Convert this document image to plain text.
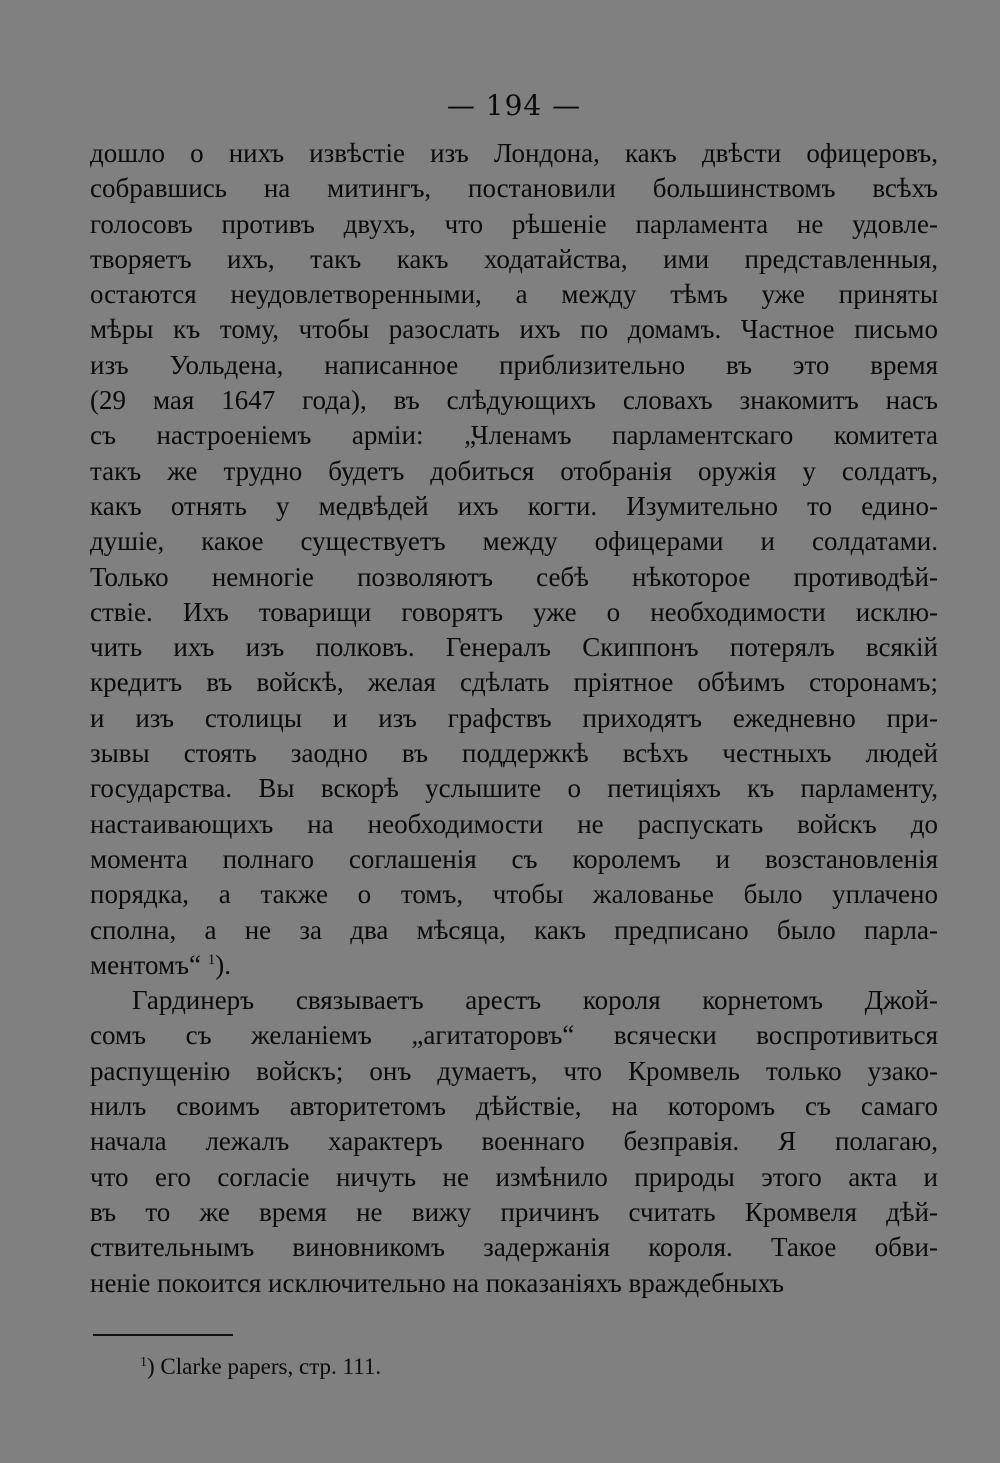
— 194 —
дошло о нихъ извѣстіе изъ Лондона, какъ двѣсти офицеровъ,
собравшись на митингъ, постановили большинствомъ всѣхъ
голосовъ противъ двухъ, что рѣшеніе парламента не удовле-
творяетъ ихъ, такъ какъ ходатайства, ими представленныя,
остаются неудовлетворенными, а между тѣмъ уже приняты
мѣры къ тому, чтобы разослать ихъ по домамъ. Частное письмо
изъ Уольдена, написанное приблизительно въ это время
(29 мая 1647 года), въ слѣдующихъ словахъ знакомитъ насъ
съ настроеніемъ арміи: „Членамъ парламентскаго комитета
такъ же трудно будетъ добиться отобранія оружія у солдатъ,
какъ отнять у медвѣдей ихъ когти. Изумительно то едино-
душіе, какое существуетъ между офицерами и солдатами.
Только немногіе позволяютъ себѣ нѣкоторое противодѣй-
ствіе. Ихъ товарищи говорятъ уже о необходимости исклю-
чить ихъ изъ полковъ. Генералъ Скиппонъ потерялъ всякій
кредитъ въ войскѣ, желая сдѣлать пріятное обѣимъ сторонамъ;
и изъ столицы и изъ графствъ приходятъ ежедневно при-
зывы стоять заодно въ поддержкѣ всѣхъ честныхъ людей
государства. Вы вскорѣ услышите о петиціяхъ къ парламенту,
настаивающихъ на необходимости не распускать войскъ до
момента полнаго соглашенія съ королемъ и возстановленія
порядка, а также о томъ, чтобы жалованье было уплачено
сполна, а не за два мѣсяца, какъ предписано было парла-
ментомъ“ $^1$).
Гардинеръ связываетъ арестъ короля корнетомъ Джой-
сомъ съ желаніемъ „агитаторовъ“ всячески воспротивиться
распущенію войскъ; онъ думаетъ, что Кромвель только узако-
нилъ своимъ авторитетомъ дѣйствіе, на которомъ съ самаго
начала лежалъ характеръ военнаго безправія. Я полагаю,
что его согласіе ничуть не измѣнило природы этого акта и
въ то же время не вижу причинъ считать Кромвеля дѣй-
ствительнымъ виновникомъ задержанія короля. Такое обви-
неніе покоится исключительно на показаніяхъ враждебныхъ
$^1$) Clarke papers, стр. 111.
